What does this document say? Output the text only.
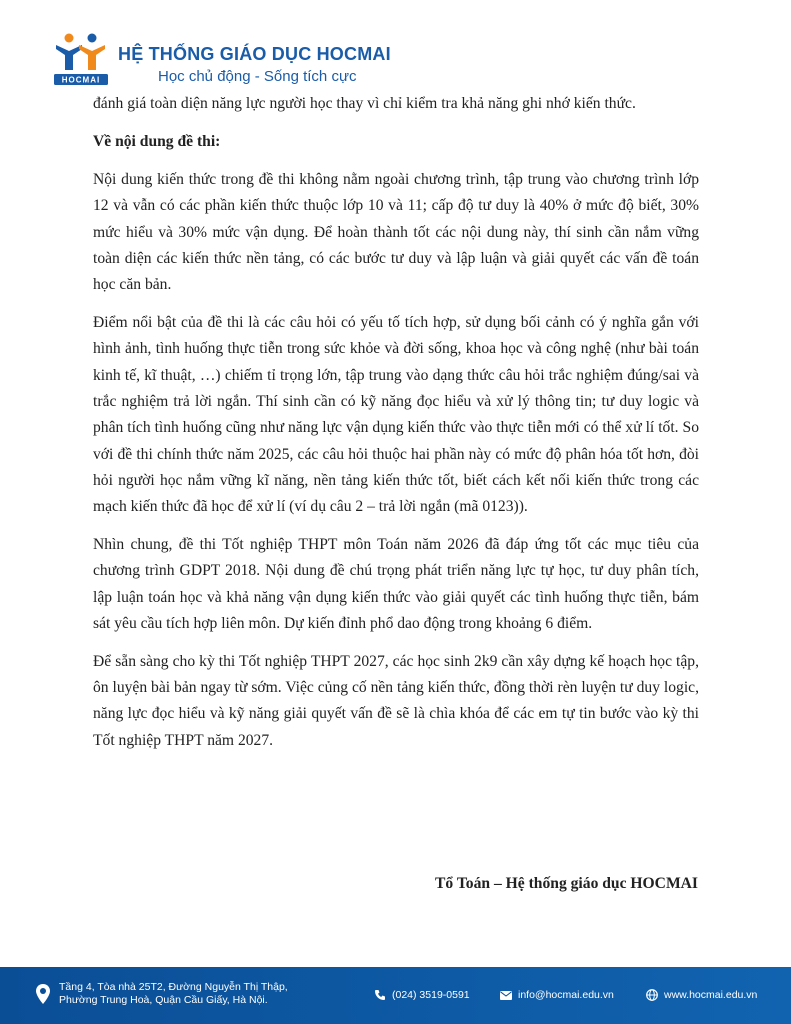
HOCMAI
HỆ THỐNG GIÁO DỤC HOCMAI
Học chủ động - Sống tích cực

đánh giá toàn diện năng lực người học thay vì chỉ kiểm tra khả năng ghi nhớ kiến thức.

Về nội dung đề thi:

Nội dung kiến thức trong đề thi không nằm ngoài chương trình, tập trung vào chương trình lớp 12 và vẫn có các phần kiến thức thuộc lớp 10 và 11; cấp độ tư duy là 40% ở mức độ biết, 30% mức hiểu và 30% mức vận dụng. Để hoàn thành tốt các nội dung này, thí sinh cần nắm vững toàn diện các kiến thức nền tảng, có các bước tư duy và lập luận và giải quyết các vấn đề toán học căn bản.

Điểm nổi bật của đề thi là các câu hỏi có yếu tố tích hợp, sử dụng bối cảnh có ý nghĩa gắn với hình ảnh, tình huống thực tiễn trong sức khỏe và đời sống, khoa học và công nghệ (như bài toán kinh tế, kĩ thuật, …) chiếm tỉ trọng lớn, tập trung vào dạng thức câu hỏi trắc nghiệm đúng/sai và trắc nghiệm trả lời ngắn. Thí sinh cần có kỹ năng đọc hiểu và xử lý thông tin; tư duy logic và phân tích tình huống cũng như năng lực vận dụng kiến thức vào thực tiễn mới có thể xử lí tốt. So với đề thi chính thức năm 2025, các câu hỏi thuộc hai phần này có mức độ phân hóa tốt hơn, đòi hỏi người học nắm vững kĩ năng, nền tảng kiến thức tốt, biết cách kết nối kiến thức trong các mạch kiến thức đã học để xử lí (ví dụ câu 2 – trả lời ngắn (mã 0123)).

Nhìn chung, đề thi Tốt nghiệp THPT môn Toán năm 2026 đã đáp ứng tốt các mục tiêu của chương trình GDPT 2018. Nội dung đề chú trọng phát triển năng lực tự học, tư duy phân tích, lập luận toán học và khả năng vận dụng kiến thức vào giải quyết các tình huống thực tiễn, bám sát yêu cầu tích hợp liên môn. Dự kiến đỉnh phổ dao động trong khoảng 6 điểm.

Để sẵn sàng cho kỳ thi Tốt nghiệp THPT 2027, các học sinh 2k9 cần xây dựng kế hoạch học tập, ôn luyện bài bản ngay từ sớm. Việc củng cố nền tảng kiến thức, đồng thời rèn luyện tư duy logic, năng lực đọc hiểu và kỹ năng giải quyết vấn đề sẽ là chìa khóa để các em tự tin bước vào kỳ thi Tốt nghiệp THPT năm 2027.

Tổ Toán – Hệ thống giáo dục HOCMAI
Tầng 4, Tòa nhà 25T2, Đường Nguyễn Thị Thập,
Phường Trung Hoà, Quận Cầu Giấy, Hà Nội.	(024) 3519-0591	info@hocmai.edu.vn	www.hocmai.edu.vn
